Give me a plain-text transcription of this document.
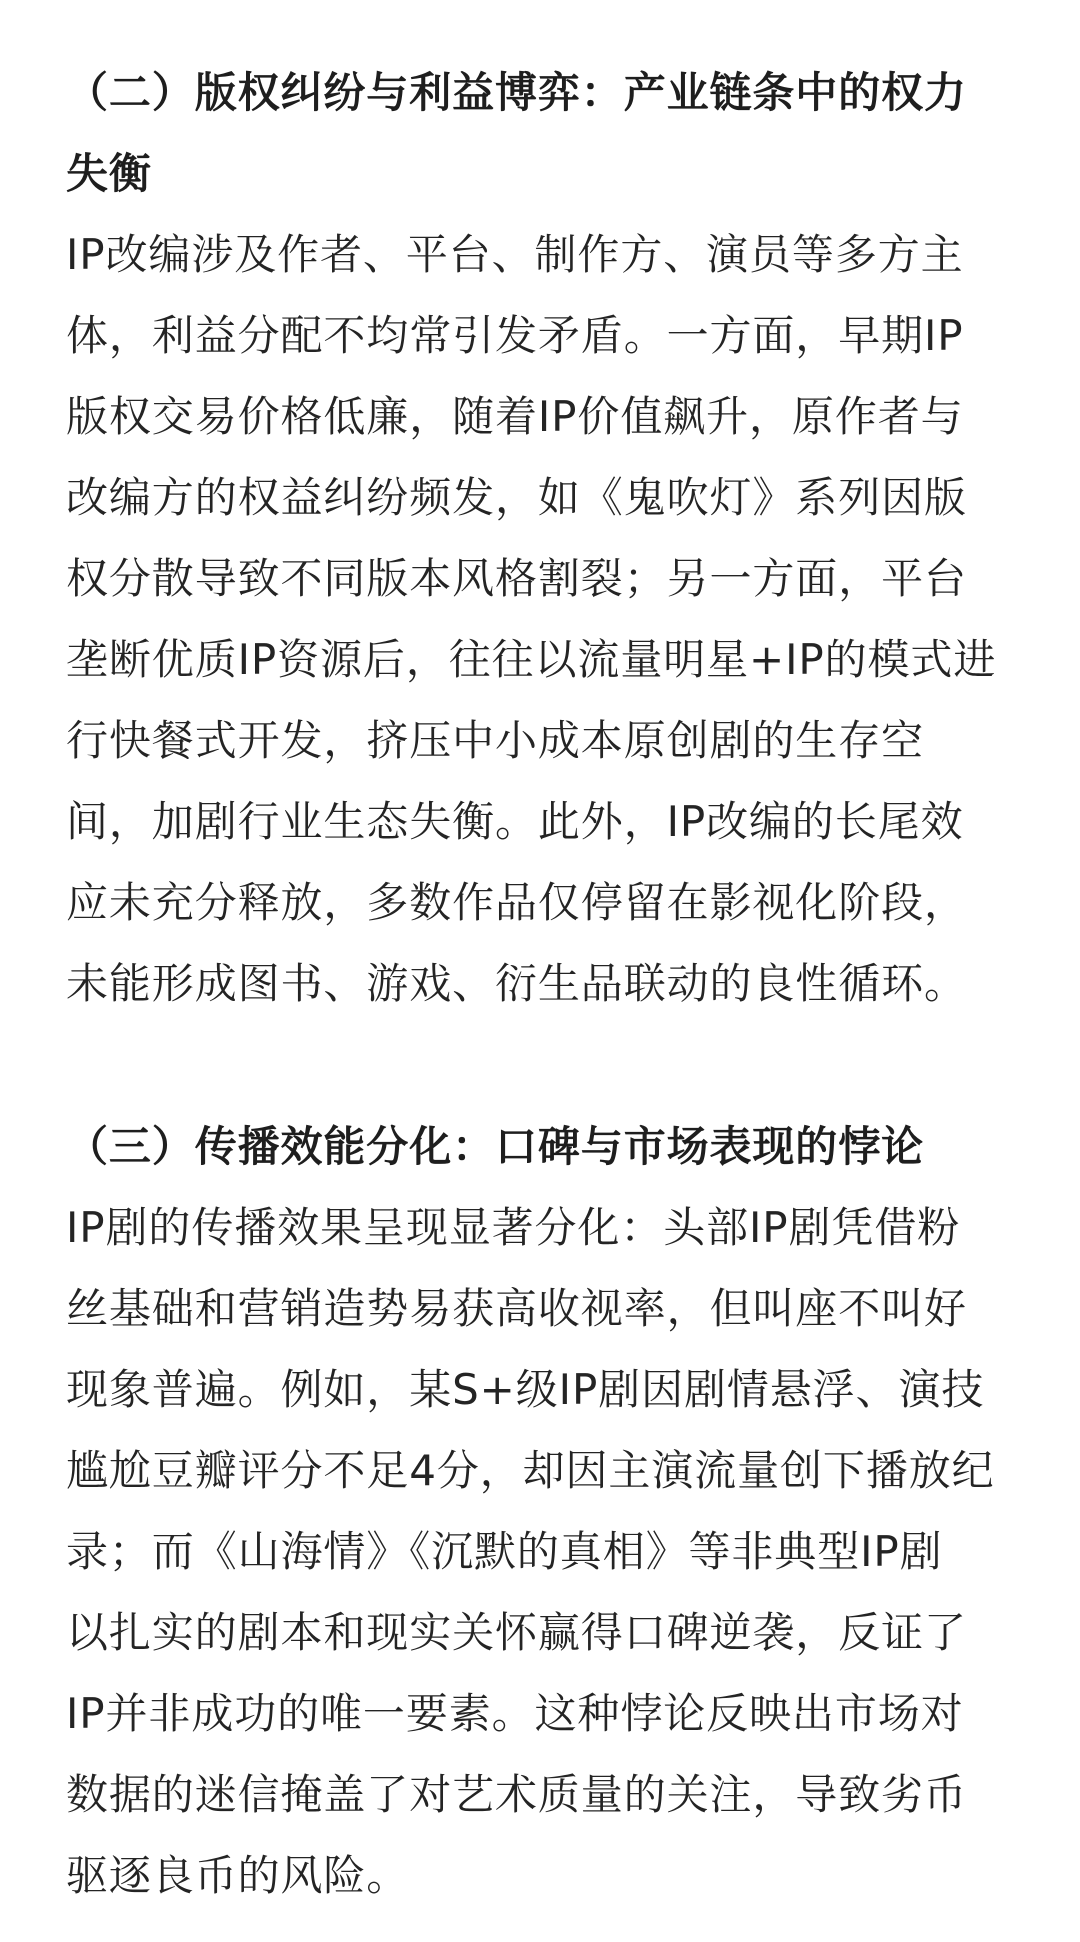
（二）版权纠纷与利益博弈：产业链条中的权力
失衡

IP改编涉及作者、平台、制作方、演员等多方主
体，利益分配不均常引发矛盾。一方面，早期IP
版权交易价格低廉，随着IP价值飙升，原作者与
改编方的权益纠纷频发，如《鬼吹灯》系列因版
权分散导致不同版本风格割裂；另一方面，平台
垄断优质IP资源后，往往以流量明星+IP的模式进
行快餐式开发，挤压中小成本原创剧的生存空
间，加剧行业生态失衡。此外，IP改编的长尾效
应未充分释放，多数作品仅停留在影视化阶段，
未能形成图书、游戏、衍生品联动的良性循环。

（三）传播效能分化：口碑与市场表现的悖论

IP剧的传播效果呈现显著分化：头部IP剧凭借粉
丝基础和营销造势易获高收视率，但叫座不叫好
现象普遍。例如，某S+级IP剧因剧情悬浮、演技
尴尬豆瓣评分不足4分，却因主演流量创下播放纪
录；而《山海情》《沉默的真相》等非典型IP剧
以扎实的剧本和现实关怀赢得口碑逆袭，反证了
IP并非成功的唯一要素。这种悖论反映出市场对
数据的迷信掩盖了对艺术质量的关注，导致劣币
驱逐良币的风险。
